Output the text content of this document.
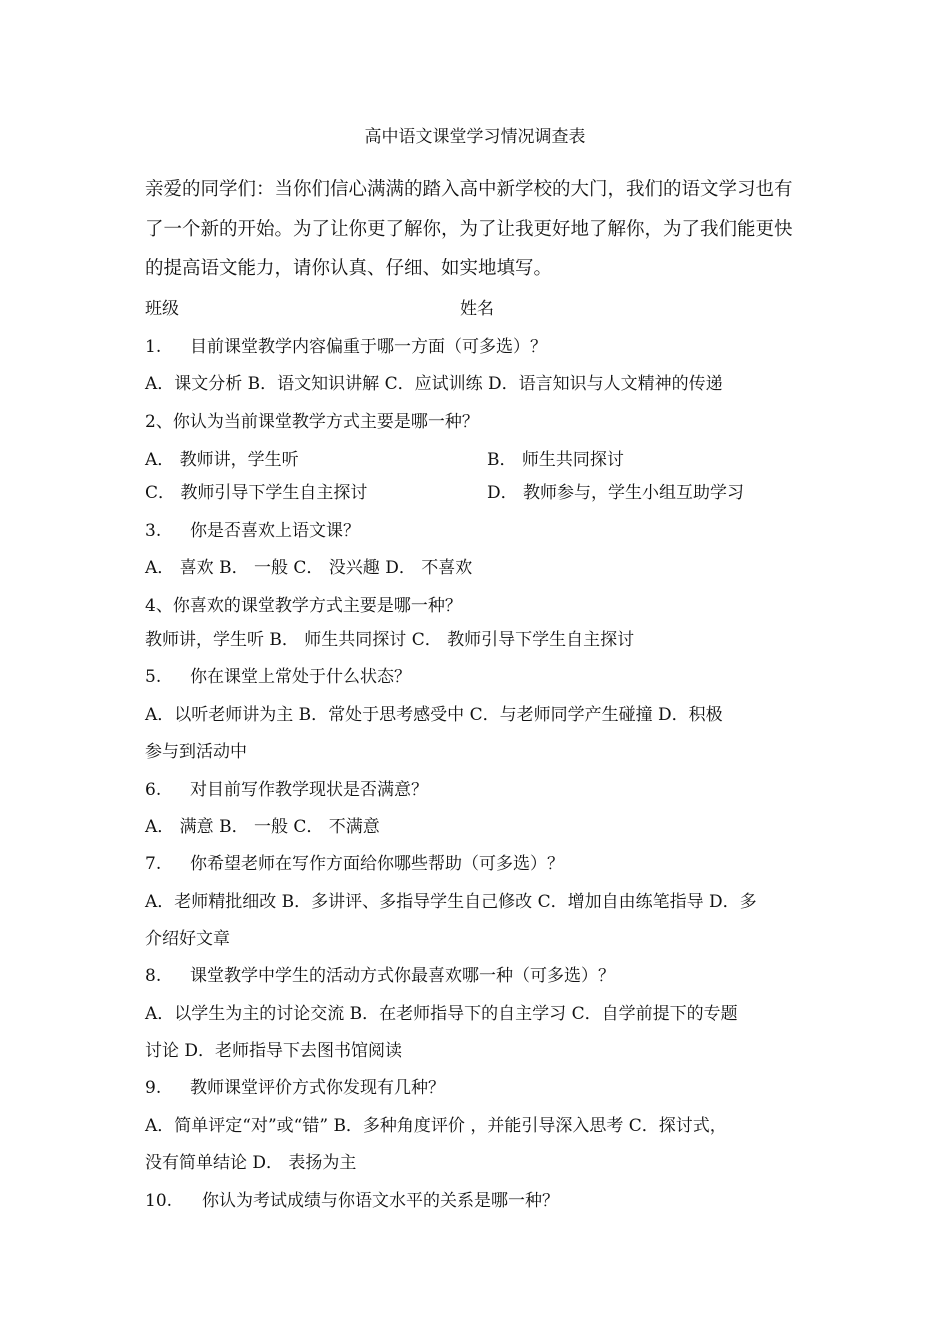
高中语文课堂学习情况调查表
亲爱的同学们：当你们信心满满的踏入高中新学校的大门，我们的语文学习也有
了一个新的开始。为了让你更了解你，为了让我更好地了解你，为了我们能更快
的提高语文能力，请你认真、仔细、如实地填写。
班级	姓名
1. 目前课堂教学内容偏重于哪一方面（可多选）？
A．课文分析 B．语文知识讲解 C．应试训练 D．语言知识与人文精神的传递
2、你认为当前课堂教学方式主要是哪一种？
A． 教师讲，学生听	B． 师生共同探讨
C． 教师引导下学生自主探讨	D． 教师参与，学生小组互助学习
3. 你是否喜欢上语文课？
A． 喜欢 B． 一般 C． 没兴趣 D． 不喜欢
4、你喜欢的课堂教学方式主要是哪一种？
教师讲，学生听 B． 师生共同探讨 C． 教师引导下学生自主探讨
5. 你在课堂上常处于什么状态？
A．以听老师讲为主 B．常处于思考感受中 C．与老师同学产生碰撞 D．积极
参与到活动中
6. 对目前写作教学现状是否满意？
A． 满意 B． 一般 C． 不满意
7. 你希望老师在写作方面给你哪些帮助（可多选）？
A．老师精批细改 B．多讲评、多指导学生自己修改 C．增加自由练笔指导 D．多
介绍好文章
8. 课堂教学中学生的活动方式你最喜欢哪一种（可多选）？
A．以学生为主的讨论交流 B．在老师指导下的自主学习 C．自学前提下的专题
讨论 D．老师指导下去图书馆阅读
9. 教师课堂评价方式你发现有几种？
A．简单评定“对”或“错” B．多种角度评价 ，并能引导深入思考 C．探讨式，
没有简单结论 D． 表扬为主
10. 你认为考试成绩与你语文水平的关系是哪一种？
